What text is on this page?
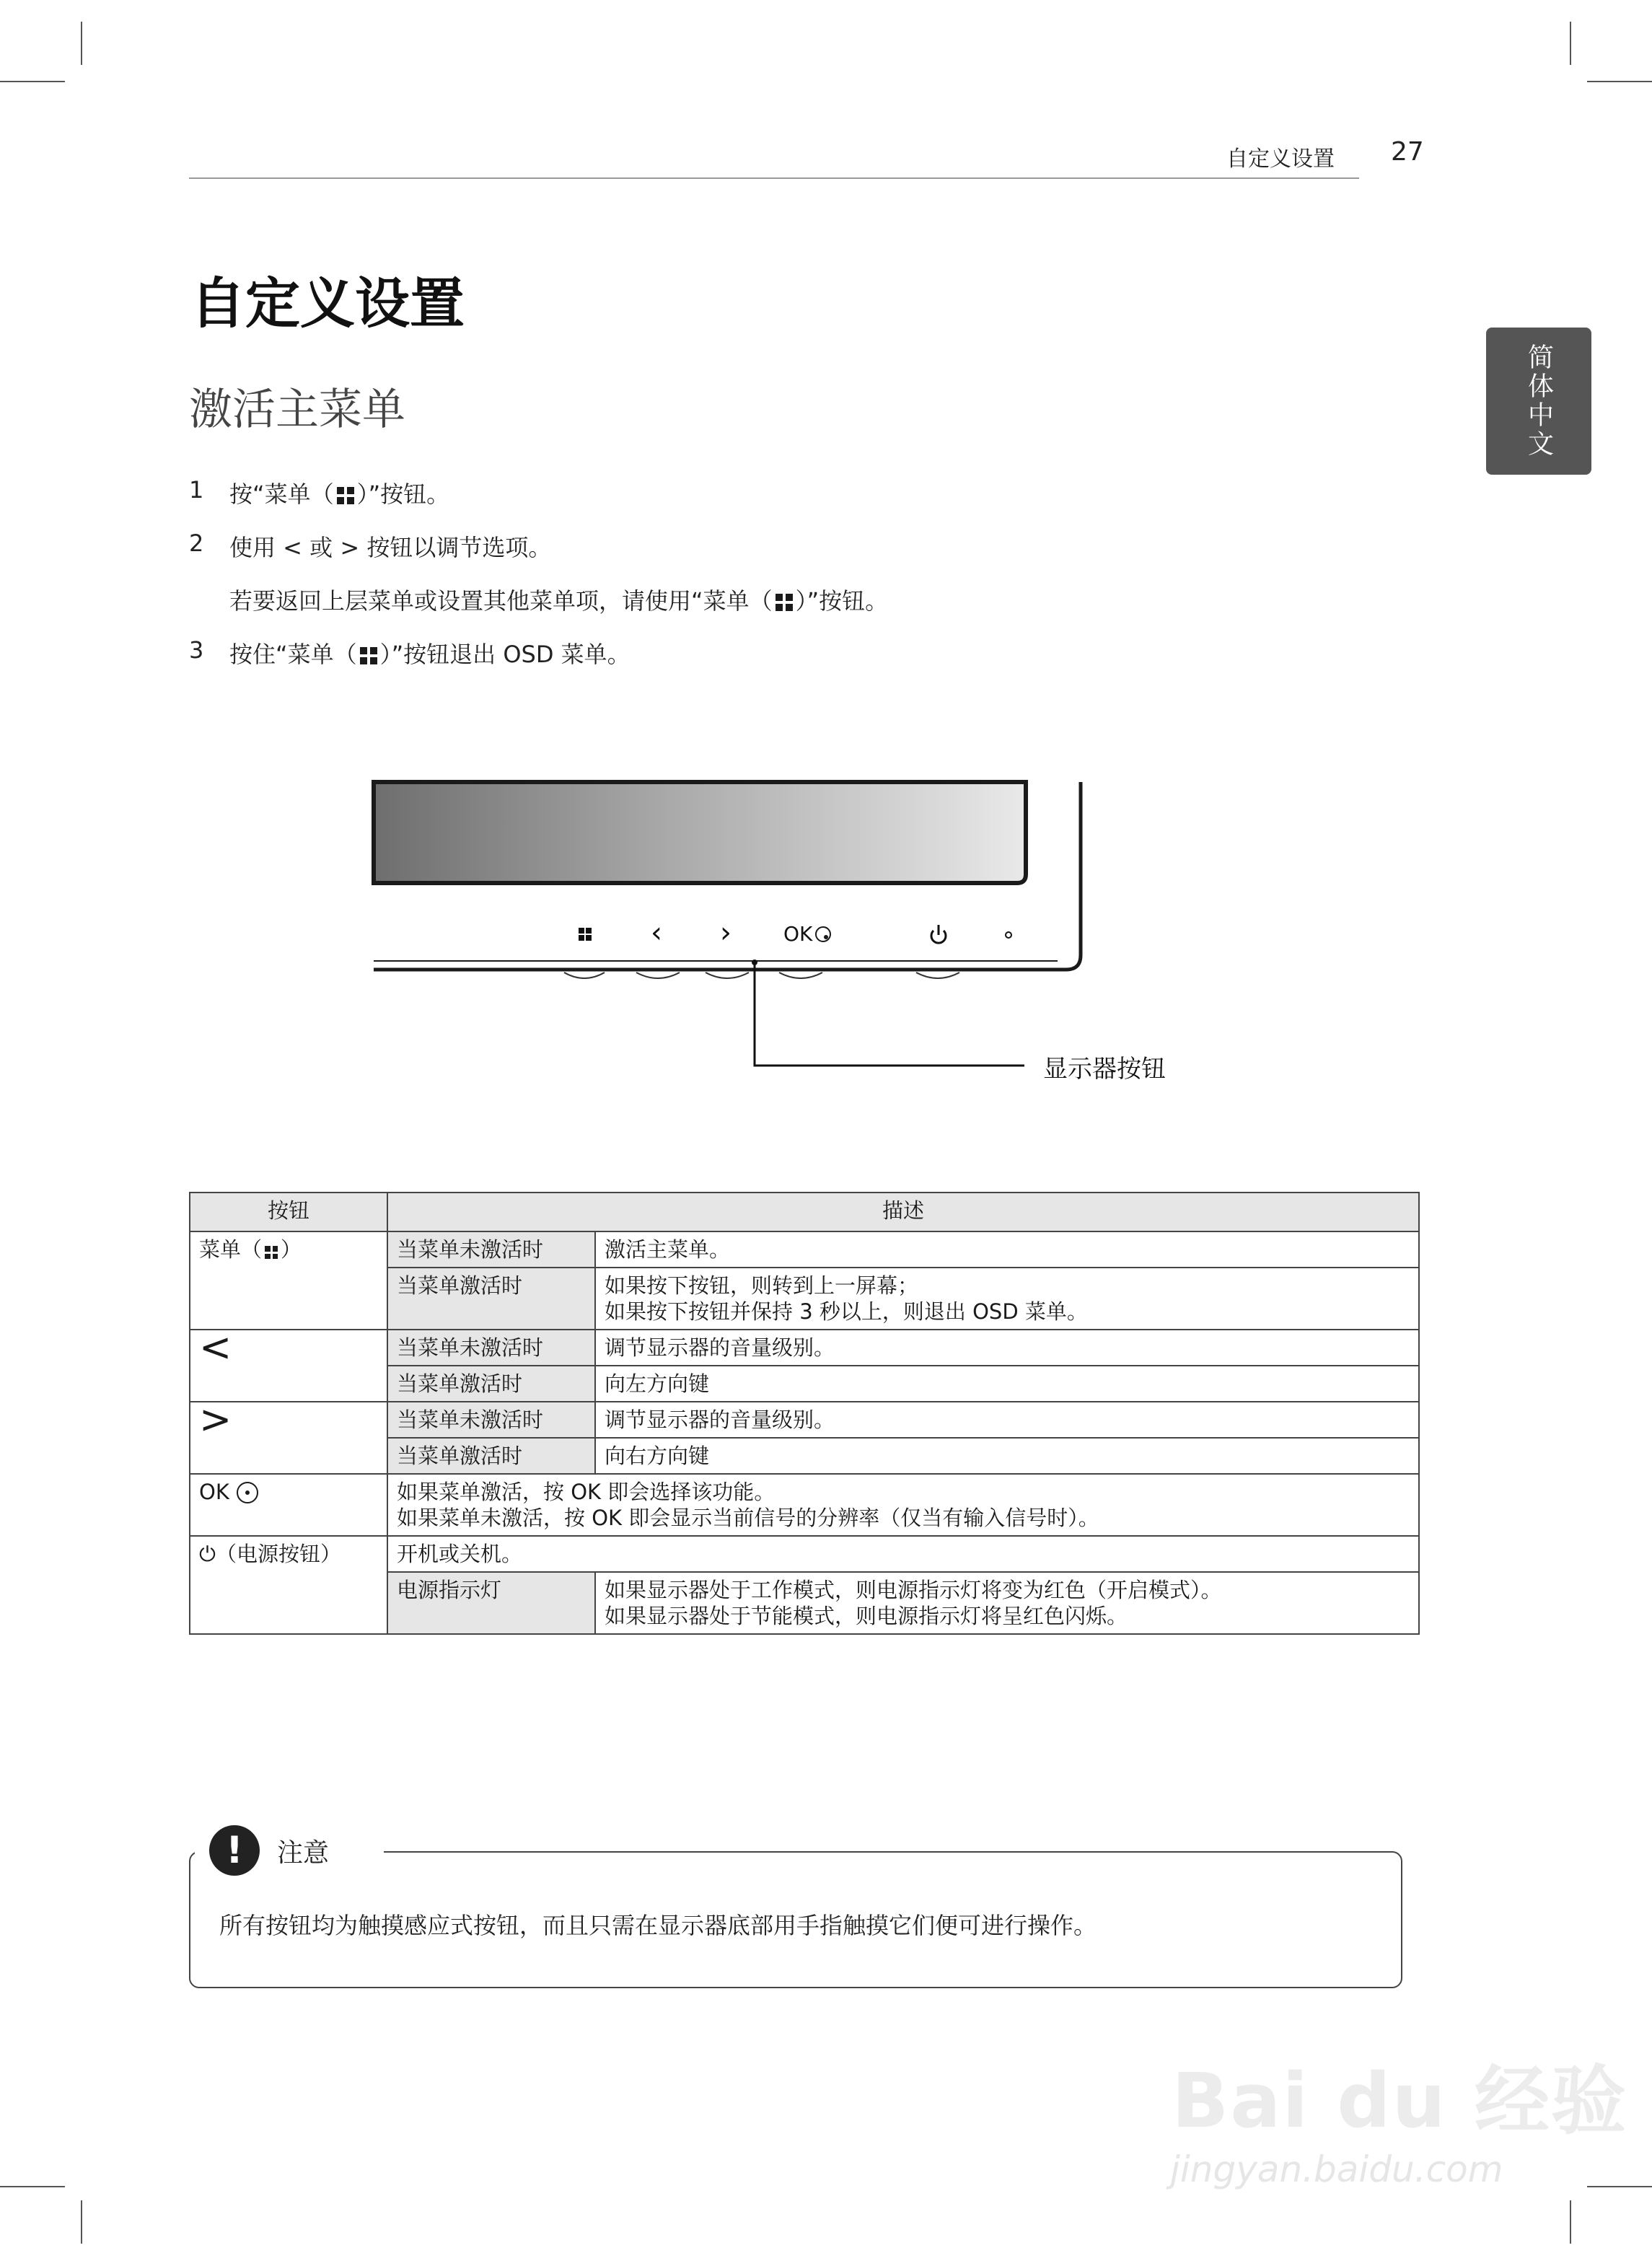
自定义设置 27
简体中文
自定义设置
激活主菜单
1 按“菜单（ ）”按钮。
2 使用 < 或 > 按钮以调节选项。
若要返回上层菜单或设置其他菜单项，请使用“菜单（ ）”按钮。
3 按住“菜单（ ）”按钮退出 OSD 菜单。
‹ ›	OK
显示器按钮
按钮	描述	
菜单（ ）	当菜单未激活时	激活主菜单。
	当菜单激活时	如果按下按钮，则转到上一屏幕；
如果按下按钮并保持 3 秒以上，则退出 OSD 菜单。

<	当菜单未激活时	调节显示器的音量级别。
	当菜单激活时	向左方向键
>	当菜单未激活时	调节显示器的音量级别。
	当菜单激活时	向右方向键
OK	如果菜单激活，按 OK 即会选择该功能。
如果菜单未激活，按 OK 即会显示当前信号的分辨率（仅当有输入信号时）。	

⏻（电源按钮）	开机或关机。	
	电源指示灯	如果显示器处于工作模式，则电源指示灯将变为红色（开启模式）。
如果显示器处于节能模式，则电源指示灯将呈红色闪烁。
!	注意
所有按钮均为触摸感应式按钮，而且只需在显示器底部用手指触摸它们便可进行操作。
Bai du 经验
jingyan.baidu.com
